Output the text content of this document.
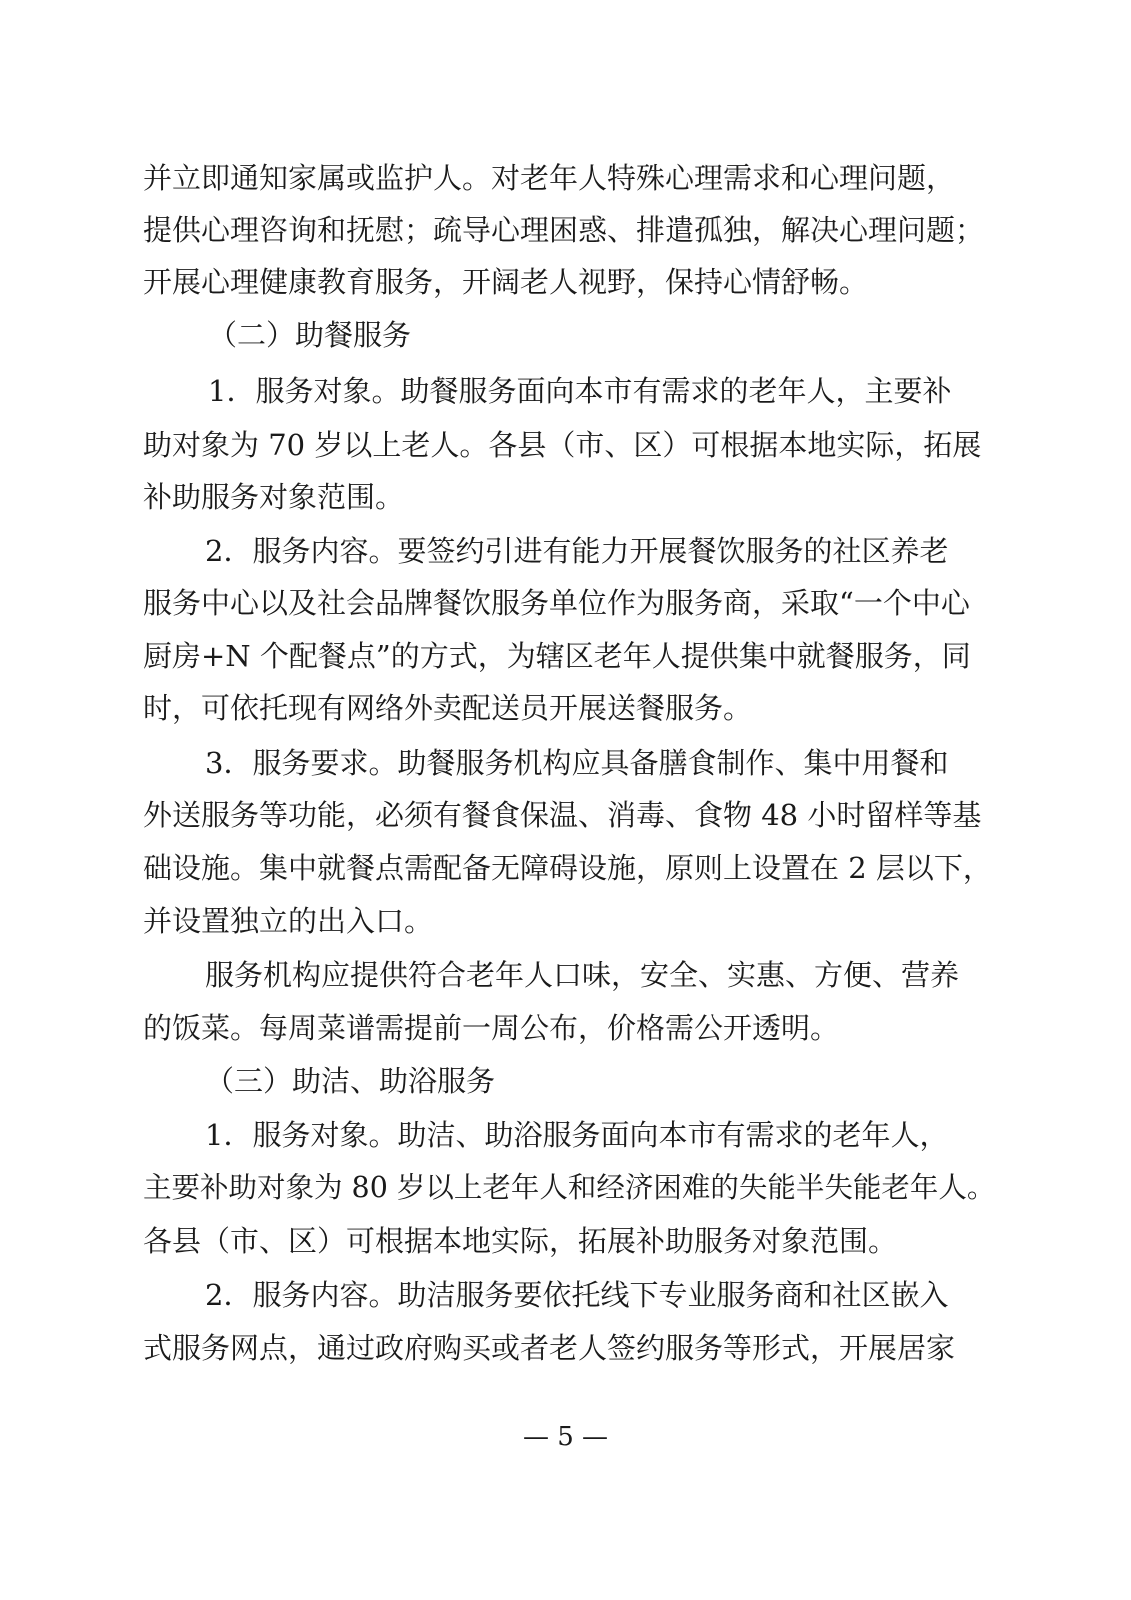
并立即通知家属或监护人。对老年人特殊心理需求和心理问题，

提供心理咨询和抚慰；疏导心理困惑、排遣孤独，解决心理问题；

开展心理健康教育服务，开阔老人视野，保持心情舒畅。

（二）助餐服务

1．服务对象。助餐服务面向本市有需求的老年人，主要补

助对象为 70 岁以上老人。各县（市、区）可根据本地实际，拓展

补助服务对象范围。

2．服务内容。要签约引进有能力开展餐饮服务的社区养老

服务中心以及社会品牌餐饮服务单位作为服务商，采取“一个中心

厨房+N 个配餐点”的方式，为辖区老年人提供集中就餐服务，同

时，可依托现有网络外卖配送员开展送餐服务。

3．服务要求。助餐服务机构应具备膳食制作、集中用餐和

外送服务等功能，必须有餐食保温、消毒、食物 48 小时留样等基

础设施。集中就餐点需配备无障碍设施，原则上设置在 2 层以下，

并设置独立的出入口。

服务机构应提供符合老年人口味，安全、实惠、方便、营养

的饭菜。每周菜谱需提前一周公布，价格需公开透明。

（三）助洁、助浴服务

1．服务对象。助洁、助浴服务面向本市有需求的老年人，

主要补助对象为 80 岁以上老年人和经济困难的失能半失能老年人。

各县（市、区）可根据本地实际，拓展补助服务对象范围。

2．服务内容。助洁服务要依托线下专业服务商和社区嵌入

式服务网点，通过政府购买或者老人签约服务等形式，开展居家

— 5 —
